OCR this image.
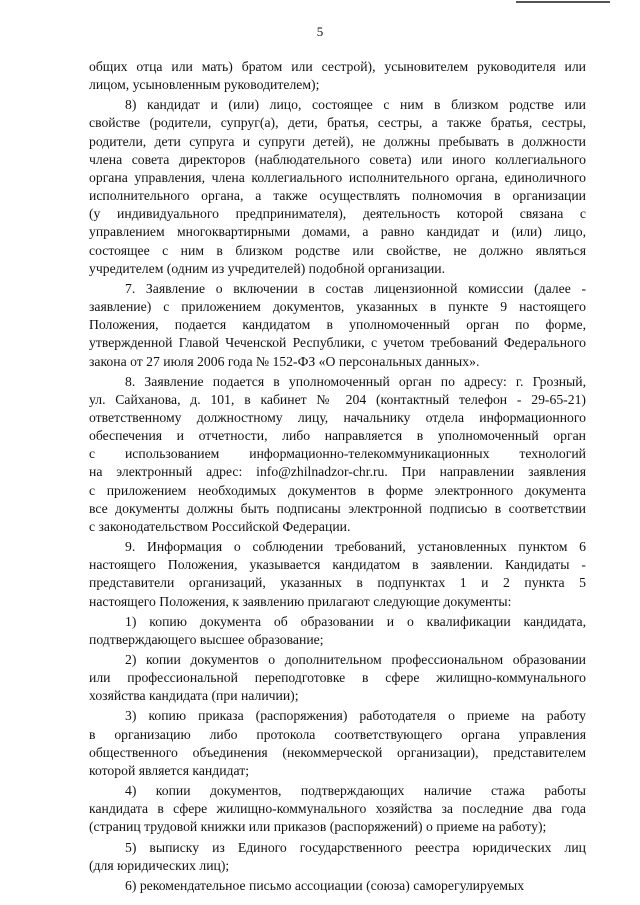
5

общих отца или мать) братом или сестрой), усыновителем руководителя или

лицом, усыновленным руководителем);

8) кандидат и (или) лицо, состоящее с ним в близком родстве или

свойстве (родители, супруг(а), дети, братья, сестры, а также братья, сестры,

родители, дети супруга и супруги детей), не должны пребывать в должности

члена совета директоров (наблюдательного совета) или иного коллегиального

органа управления, члена коллегиального исполнительного органа, единоличного

исполнительного органа, а также осуществлять полномочия в организации

(у индивидуального предпринимателя), деятельность которой связана с

управлением многоквартирными домами, а равно кандидат и (или) лицо,

состоящее с ним в близком родстве или свойстве, не должно являться

учредителем (одним из учредителей) подобной организации.

7. Заявление о включении в состав лицензионной комиссии (далее -

заявление) с приложением документов, указанных в пункте 9 настоящего

Положения, подается кандидатом в уполномоченный орган по форме,

утвержденной Главой Чеченской Республики, с учетом требований Федерального

закона от 27 июля 2006 года № 152-ФЗ «О персональных данных».

8. Заявление подается в уполномоченный орган по адресу: г. Грозный,

ул. Сайханова, д. 101, в кабинет № 204 (контактный телефон - 29-65-21)

ответственному должностному лицу, начальнику отдела информационного

обеспечения и отчетности, либо направляется в уполномоченный орган

с использованием информационно-телекоммуникационных технологий

на электронный адрес: info@zhilnadzor-chr.ru. При направлении заявления

с приложением необходимых документов в форме электронного документа

все документы должны быть подписаны электронной подписью в соответствии

с законодательством Российской Федерации.

9. Информация о соблюдении требований, установленных пунктом 6

настоящего Положения, указывается кандидатом в заявлении. Кандидаты -

представители организаций, указанных в подпунктах 1 и 2 пункта 5

настоящего Положения, к заявлению прилагают следующие документы:

1) копию документа об образовании и о квалификации кандидата,

подтверждающего высшее образование;

2) копии документов о дополнительном профессиональном образовании

или профессиональной переподготовке в сфере жилищно-коммунального

хозяйства кандидата (при наличии);

3) копию приказа (распоряжения) работодателя о приеме на работу

в организацию либо протокола соответствующего органа управления

общественного объединения (некоммерческой организации), представителем

которой является кандидат;

4) копии документов, подтверждающих наличие стажа работы

кандидата в сфере жилищно-коммунального хозяйства за последние два года

(страниц трудовой книжки или приказов (распоряжений) о приеме на работу);

5) выписку из Единого государственного реестра юридических лиц

(для юридических лиц);

6) рекомендательное письмо ассоциации (союза) саморегулируемых
